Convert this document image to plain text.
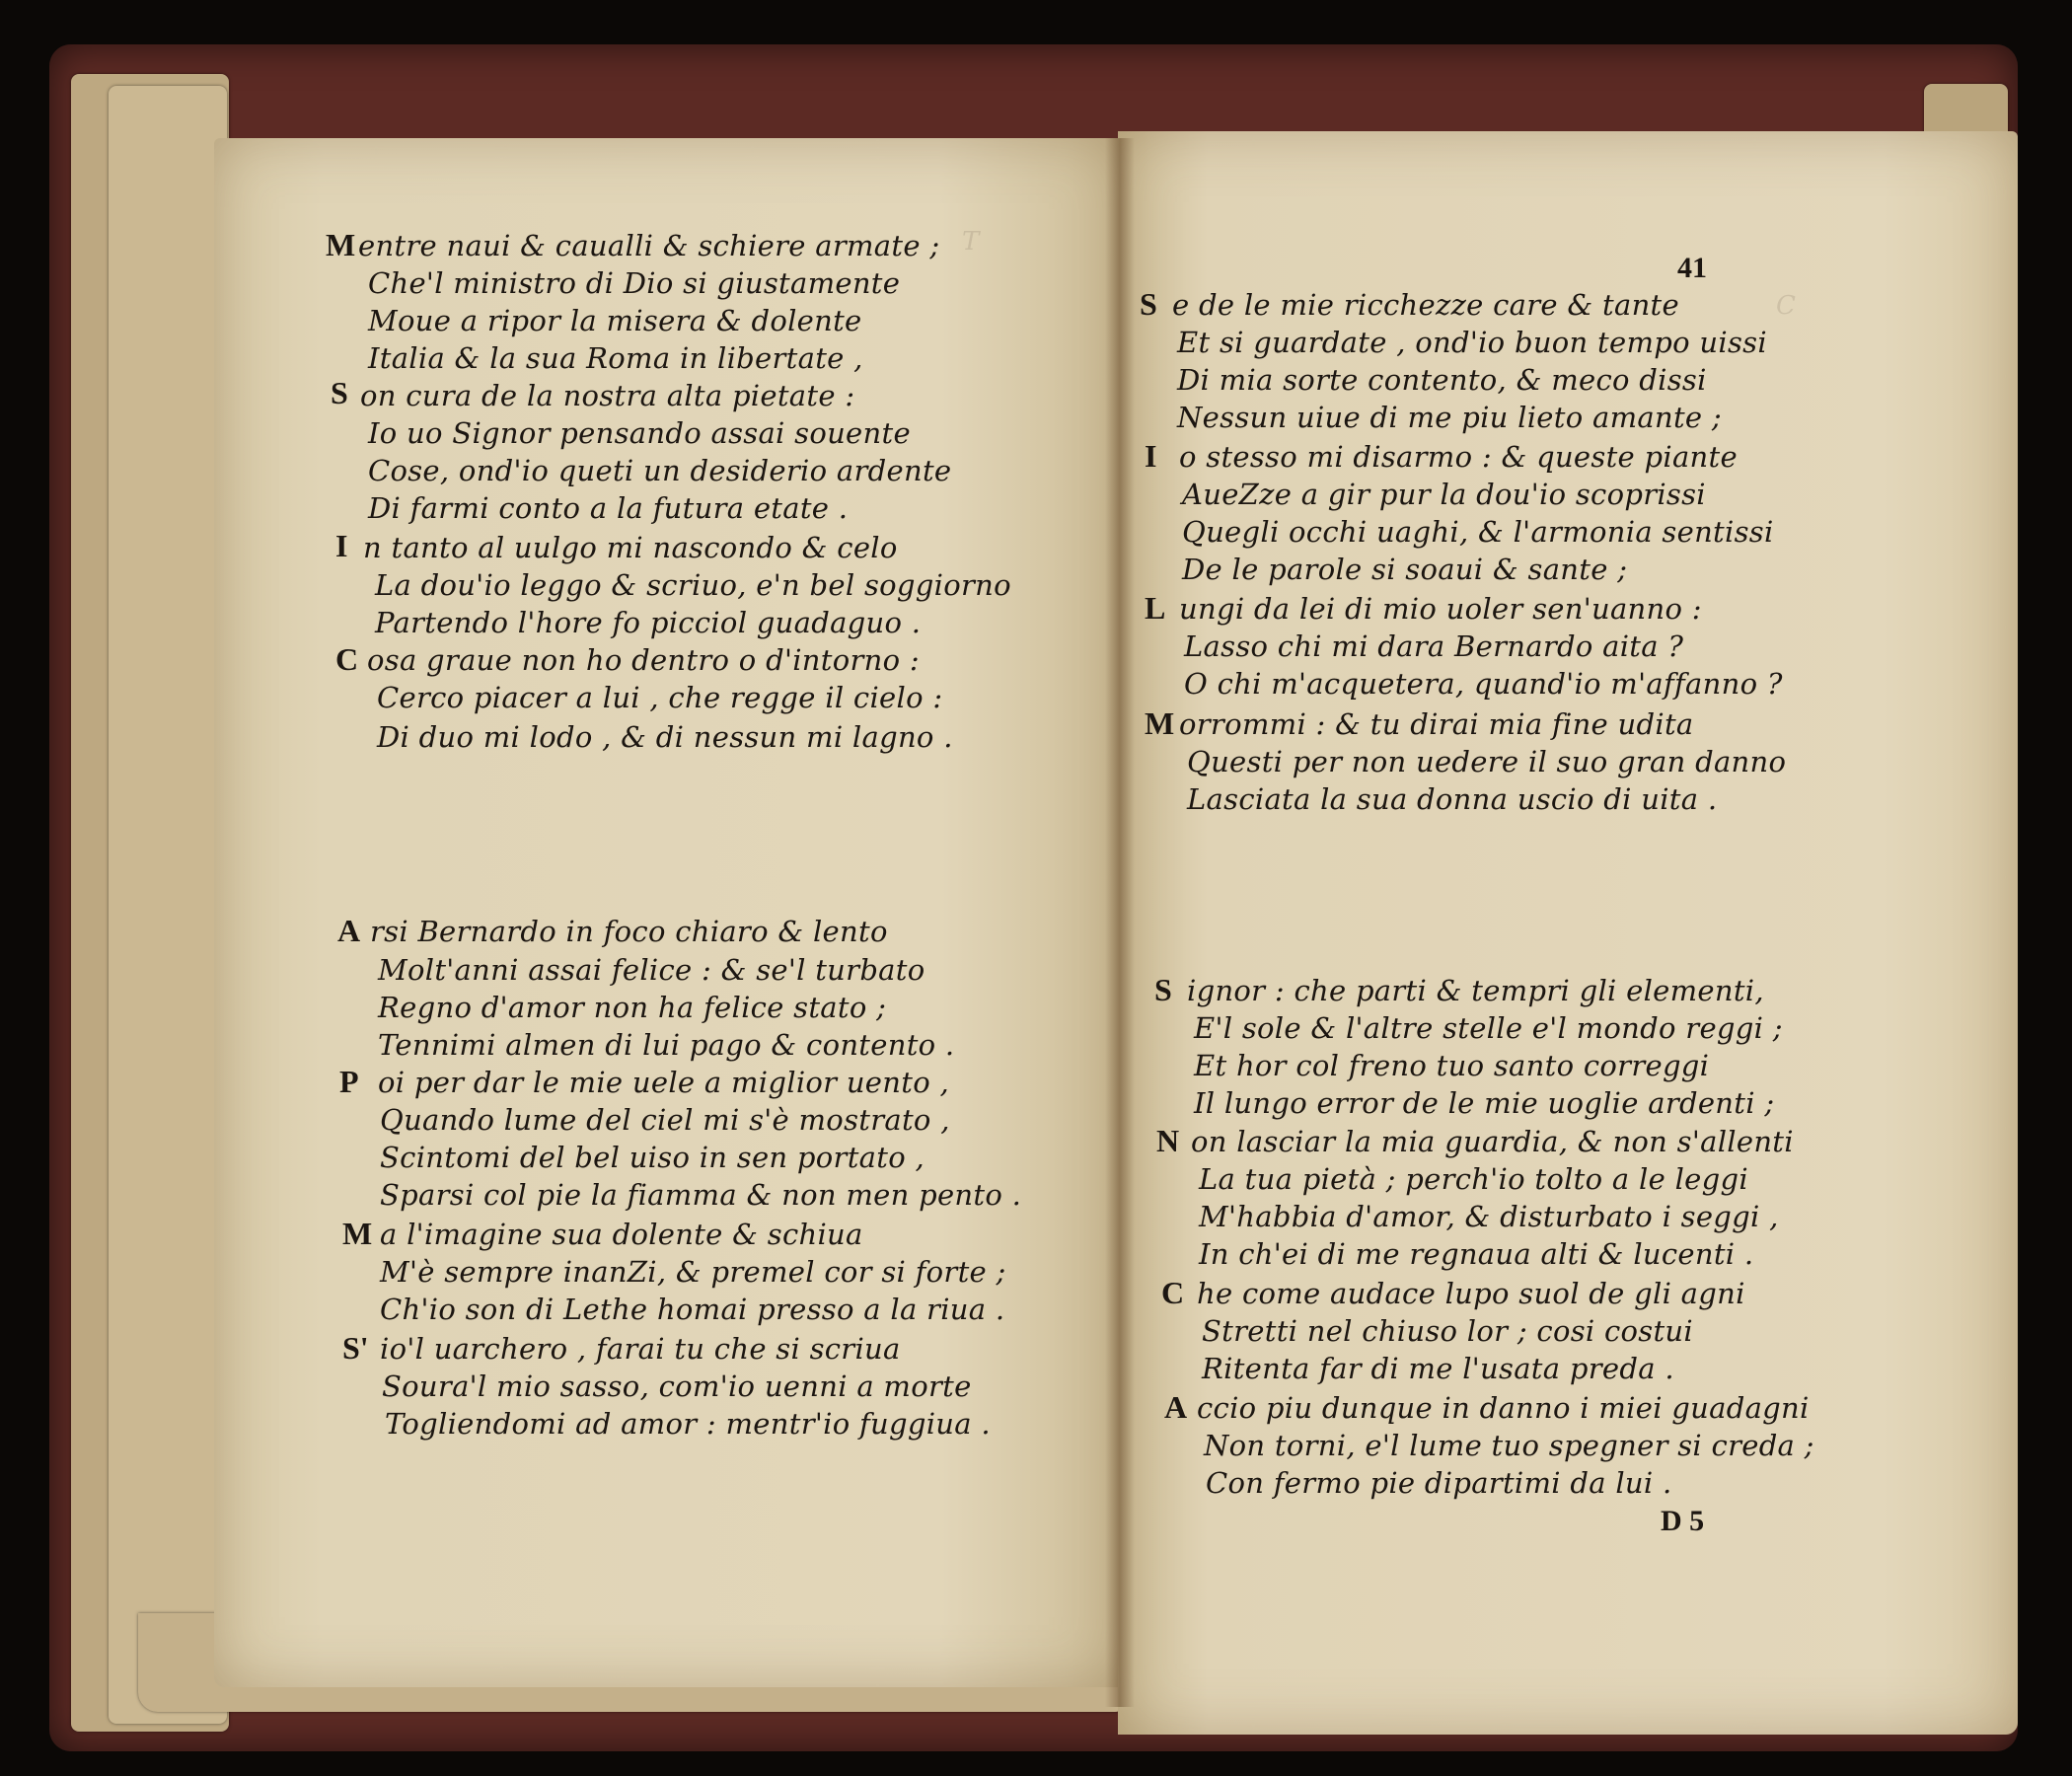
T
C
M
S
I
C
entre naui & caualli & schiere armate ;
Che'l ministro di Dio si giustamente
Moue a ripor la misera & dolente
Italia & la sua Roma in libertate ,
on cura de la nostra alta pietate :
Io uo Signor pensando assai souente
Cose, ond'io queti un desiderio ardente
Di farmi conto a la futura etate .
n tanto al uulgo mi nascondo & celo
La dou'io leggo & scriuo, e'n bel soggiorno
Partendo l'hore fo picciol guadaguo .
osa graue non ho dentro o d'intorno :
Cerco piacer a lui , che regge il cielo :
Di duo mi lodo , & di nessun mi lagno .
A
P
M
S'
rsi Bernardo in foco chiaro & lento
Molt'anni assai felice : & se'l turbato
Regno d'amor non ha felice stato ;
Tennimi almen di lui pago & contento .
oi per dar le mie uele a miglior uento ,
Quando lume del ciel mi s'è mostrato ,
Scintomi del bel uiso in sen portato ,
Sparsi col pie la fiamma & non men pento .
a l'imagine sua dolente & schiua
M'è sempre inanZi, & premel cor si forte ;
Ch'io son di Lethe homai presso a la riua .
io'l uarchero , farai tu che si scriua
Soura'l mio sasso, com'io uenni a morte
Togliendomi ad amor : mentr'io fuggiua .
41
S
I
L
M
e de le mie ricchezze care & tante
Et si guardate , ond'io buon tempo uissi
Di mia sorte contento, & meco dissi
Nessun uiue di me piu lieto amante ;
o stesso mi disarmo : & queste piante
AueZze a gir pur la dou'io scoprissi
Quegli occhi uaghi, & l'armonia sentissi
De le parole si soaui & sante ;
ungi da lei di mio uoler sen'uanno :
Lasso chi mi dara Bernardo aita ?
O chi m'acquetera, quand'io m'affanno ?
orrommi : & tu dirai mia fine udita
Questi per non uedere il suo gran danno
Lasciata la sua donna uscio di uita .
S
N
C
A
ignor : che parti & tempri gli elementi,
E'l sole & l'altre stelle e'l mondo reggi ;
Et hor col freno tuo santo correggi
Il lungo error de le mie uoglie ardenti ;
on lasciar la mia guardia, & non s'allenti
La tua pietà ; perch'io tolto a le leggi
M'habbia d'amor, & disturbato i seggi ,
In ch'ei di me regnaua alti & lucenti .
he come audace lupo suol de gli agni
Stretti nel chiuso lor ; cosi costui
Ritenta far di me l'usata preda .
ccio piu dunque in danno i miei guadagni
Non torni, e'l lume tuo spegner si creda ;
Con fermo pie dipartimi da lui .
D 5
